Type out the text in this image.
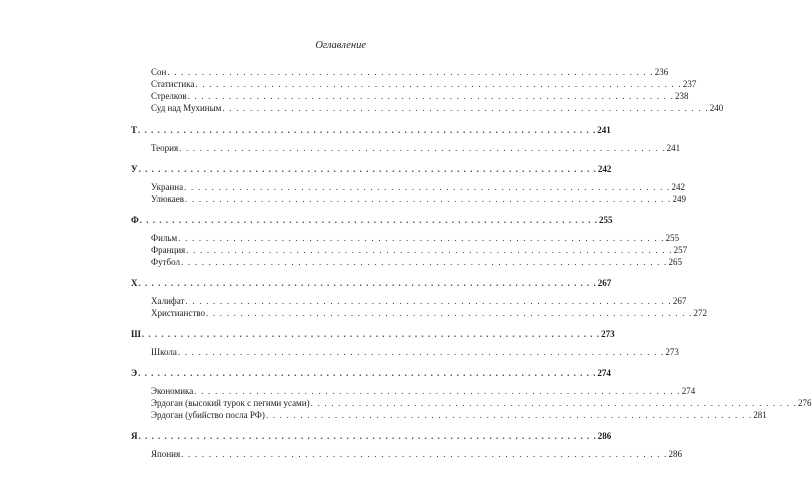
Оглавление
Сон . . . . . . . . . . . . . . . . . . . . . . . . . . . . . . . . . . . . . . . . . . . . . . . . . . . . . . . . . . . . . . . . . . . . . . . 236
Статистика . . . . . . . . . . . . . . . . . . . . . . . . . . . . . . . . . . . . . . . . . . . . . . . . . . . . . . . . . . . . . . . . . . . . . . . 237
Стрелков . . . . . . . . . . . . . . . . . . . . . . . . . . . . . . . . . . . . . . . . . . . . . . . . . . . . . . . . . . . . . . . . . . . . . . . 238
Суд над Мухиным . . . . . . . . . . . . . . . . . . . . . . . . . . . . . . . . . . . . . . . . . . . . . . . . . . . . . . . . . . . . . . . . . . . . . . . 240
Т . . . . . . . . . . . . . . . . . . . . . . . . . . . . . . . . . . . . . . . . . . . . . . . . . . . . . . . . . . . . . . . . . . . . . . . 241
Теория . . . . . . . . . . . . . . . . . . . . . . . . . . . . . . . . . . . . . . . . . . . . . . . . . . . . . . . . . . . . . . . . . . . . . . . 241
У . . . . . . . . . . . . . . . . . . . . . . . . . . . . . . . . . . . . . . . . . . . . . . . . . . . . . . . . . . . . . . . . . . . . . . . 242
Украина . . . . . . . . . . . . . . . . . . . . . . . . . . . . . . . . . . . . . . . . . . . . . . . . . . . . . . . . . . . . . . . . . . . . . . . 242
Улюкаев . . . . . . . . . . . . . . . . . . . . . . . . . . . . . . . . . . . . . . . . . . . . . . . . . . . . . . . . . . . . . . . . . . . . . . . 249
Ф . . . . . . . . . . . . . . . . . . . . . . . . . . . . . . . . . . . . . . . . . . . . . . . . . . . . . . . . . . . . . . . . . . . . . . . 255
Фильм . . . . . . . . . . . . . . . . . . . . . . . . . . . . . . . . . . . . . . . . . . . . . . . . . . . . . . . . . . . . . . . . . . . . . . . 255
Франция . . . . . . . . . . . . . . . . . . . . . . . . . . . . . . . . . . . . . . . . . . . . . . . . . . . . . . . . . . . . . . . . . . . . . . . 257
Футбол . . . . . . . . . . . . . . . . . . . . . . . . . . . . . . . . . . . . . . . . . . . . . . . . . . . . . . . . . . . . . . . . . . . . . . . 265
Х . . . . . . . . . . . . . . . . . . . . . . . . . . . . . . . . . . . . . . . . . . . . . . . . . . . . . . . . . . . . . . . . . . . . . . . 267
Халифат . . . . . . . . . . . . . . . . . . . . . . . . . . . . . . . . . . . . . . . . . . . . . . . . . . . . . . . . . . . . . . . . . . . . . . . 267
Христианство . . . . . . . . . . . . . . . . . . . . . . . . . . . . . . . . . . . . . . . . . . . . . . . . . . . . . . . . . . . . . . . . . . . . . . . 272
Ш . . . . . . . . . . . . . . . . . . . . . . . . . . . . . . . . . . . . . . . . . . . . . . . . . . . . . . . . . . . . . . . . . . . . . . . 273
Школа . . . . . . . . . . . . . . . . . . . . . . . . . . . . . . . . . . . . . . . . . . . . . . . . . . . . . . . . . . . . . . . . . . . . . . . 273
Э . . . . . . . . . . . . . . . . . . . . . . . . . . . . . . . . . . . . . . . . . . . . . . . . . . . . . . . . . . . . . . . . . . . . . . . 274
Экономика . . . . . . . . . . . . . . . . . . . . . . . . . . . . . . . . . . . . . . . . . . . . . . . . . . . . . . . . . . . . . . . . . . . . . . . 274
Эрдоган (высокий турок с пегими усами) . . . . . . . . . . . . . . . . . . . . . . . . . . . . . . . . . . . . . . . . . . . . . . . . . . . . . . . . . . . . . . . . . . . . . . . 276
Эрдоган (убийство посла РФ) . . . . . . . . . . . . . . . . . . . . . . . . . . . . . . . . . . . . . . . . . . . . . . . . . . . . . . . . . . . . . . . . . . . . . . . 281
Я . . . . . . . . . . . . . . . . . . . . . . . . . . . . . . . . . . . . . . . . . . . . . . . . . . . . . . . . . . . . . . . . . . . . . . . 286
Япония . . . . . . . . . . . . . . . . . . . . . . . . . . . . . . . . . . . . . . . . . . . . . . . . . . . . . . . . . . . . . . . . . . . . . . . 286
